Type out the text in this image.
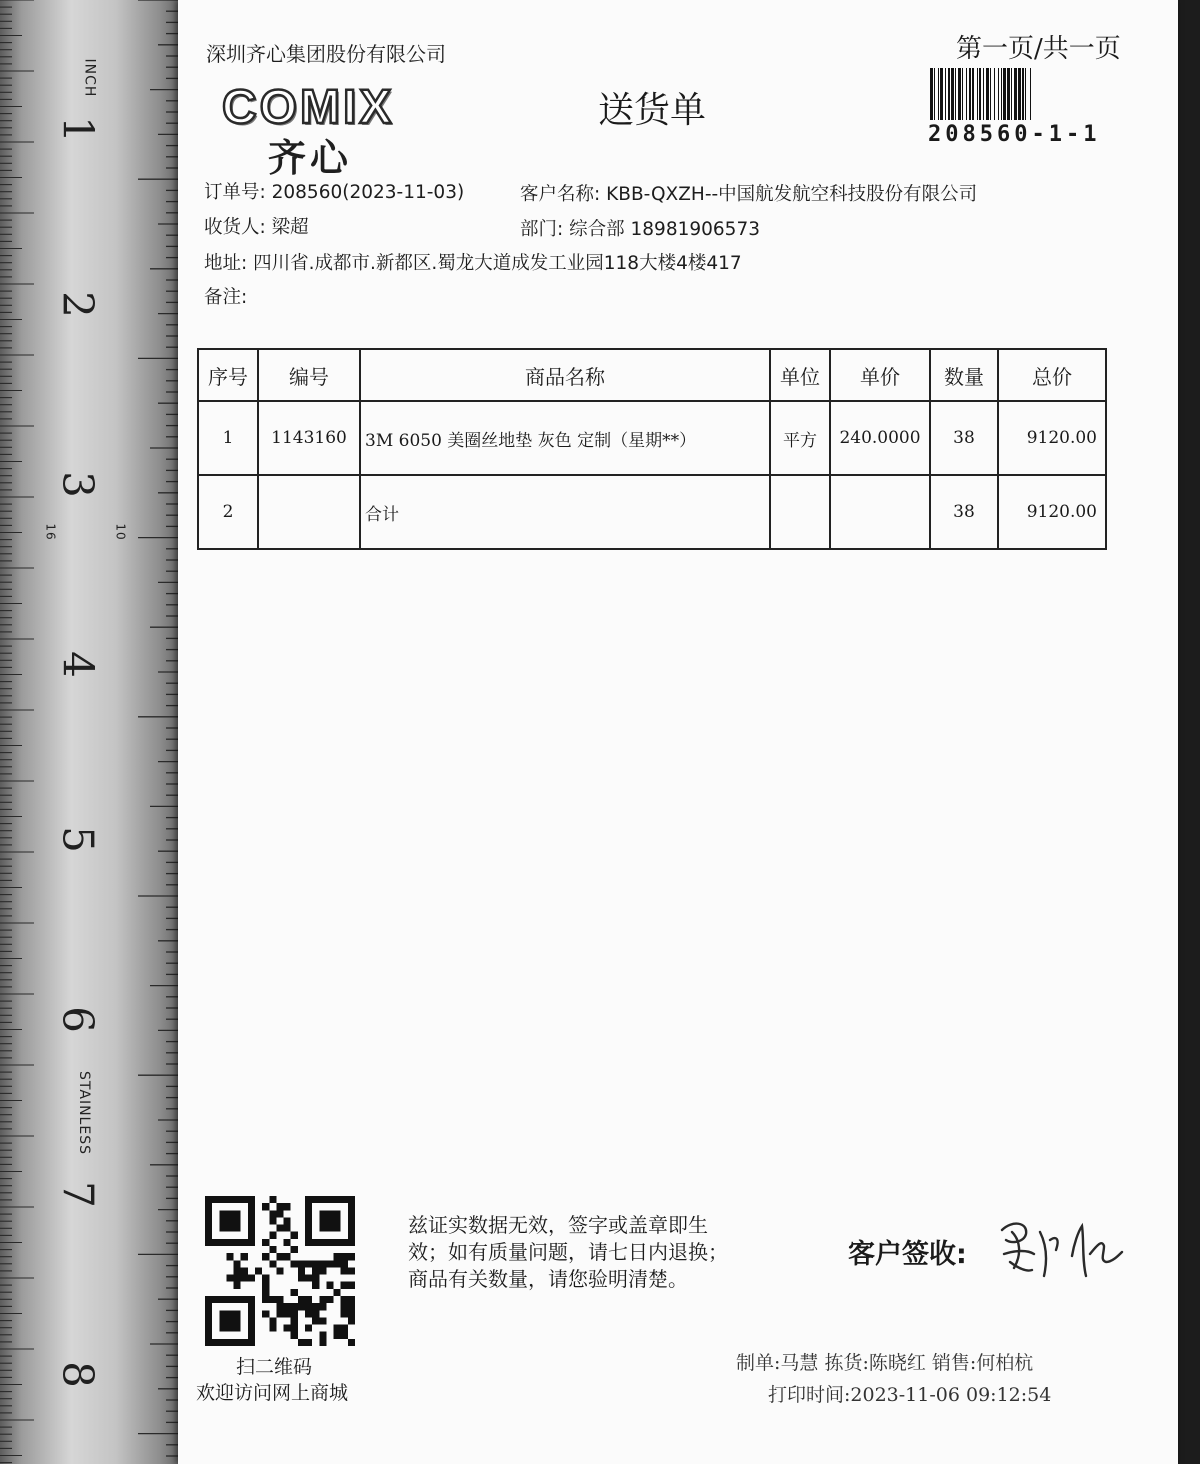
1
2
3
4
5
6
7
8
INCH
STAINLESS
16	10
深圳齐心集团股份有限公司
COMIX
齐心
送货单
第一页/共一页
208560-1-1
订单号: 208560(2023-11-03)	客户名称: KBB-QXZH--中国航发航空科技股份有限公司
收货人: 梁超	部门: 综合部 18981906573
地址: 四川省.成都市.新都区.蜀龙大道成发工业园118大楼4楼417
备注:
序号	编号	商品名称	单位	单价	数量	总价
1	1143160	3M 6050 美圈丝地垫 灰色 定制（星期**）	平方	240.0000	38	9120.00
2		合计			38	9120.00
扫二维码
欢迎访问网上商城
兹证实数据无效，签字或盖章即生
效；如有质量问题，请七日内退换；
商品有关数量，请您验明清楚。
客户签收:
制单:马慧 拣货:陈晓红 销售:何柏杭
打印时间:2023-11-06 09:12:54
